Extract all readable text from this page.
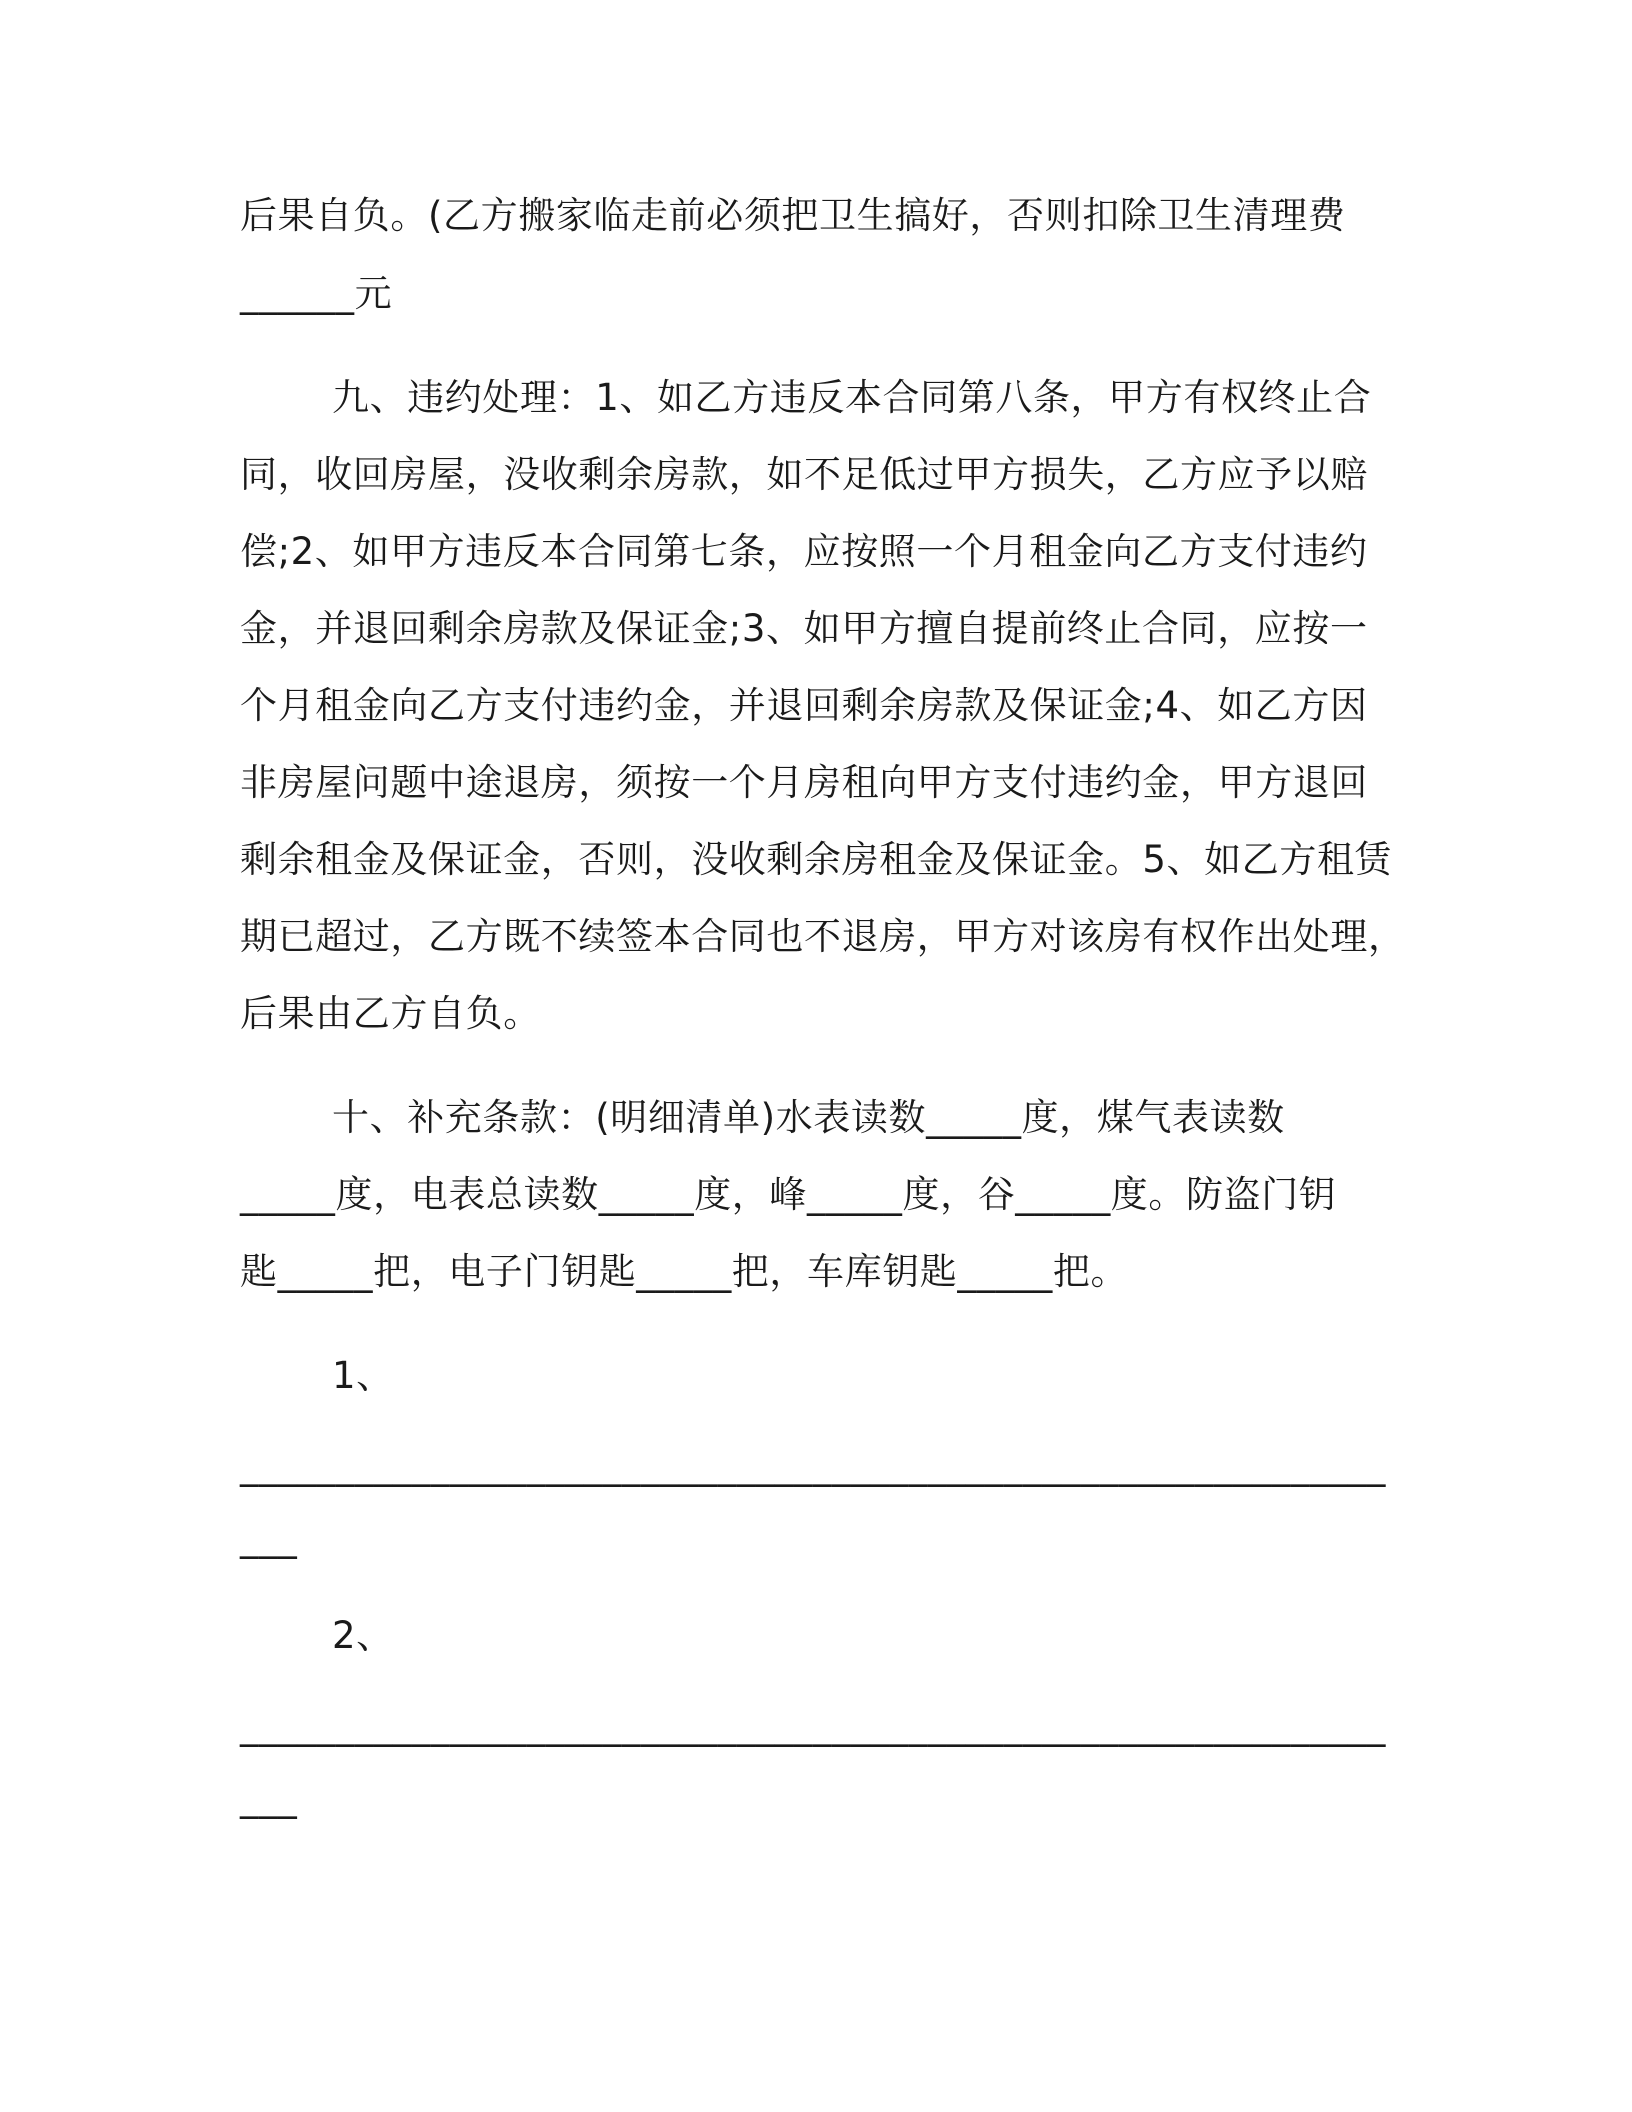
后果自负。(乙方搬家临走前必须把卫生搞好，否则扣除卫生清理费
______元
九、违约处理：1、如乙方违反本合同第八条，甲方有权终止合
同，收回房屋，没收剩余房款，如不足低过甲方损失，乙方应予以赔
偿;2、如甲方违反本合同第七条，应按照一个月租金向乙方支付违约
金，并退回剩余房款及保证金;3、如甲方擅自提前终止合同，应按一
个月租金向乙方支付违约金，并退回剩余房款及保证金;4、如乙方因
非房屋问题中途退房，须按一个月房租向甲方支付违约金，甲方退回
剩余租金及保证金，否则，没收剩余房租金及保证金。5、如乙方租赁
期已超过，乙方既不续签本合同也不退房，甲方对该房有权作出处理，
后果由乙方自负。
十、补充条款：(明细清单)水表读数_____度，煤气表读数
_____度，电表总读数_____度，峰_____度，谷_____度。防盗门钥
匙_____把，电子门钥匙_____把，车库钥匙_____把。
1、
____________________________________________________________
___
2、
____________________________________________________________
___
